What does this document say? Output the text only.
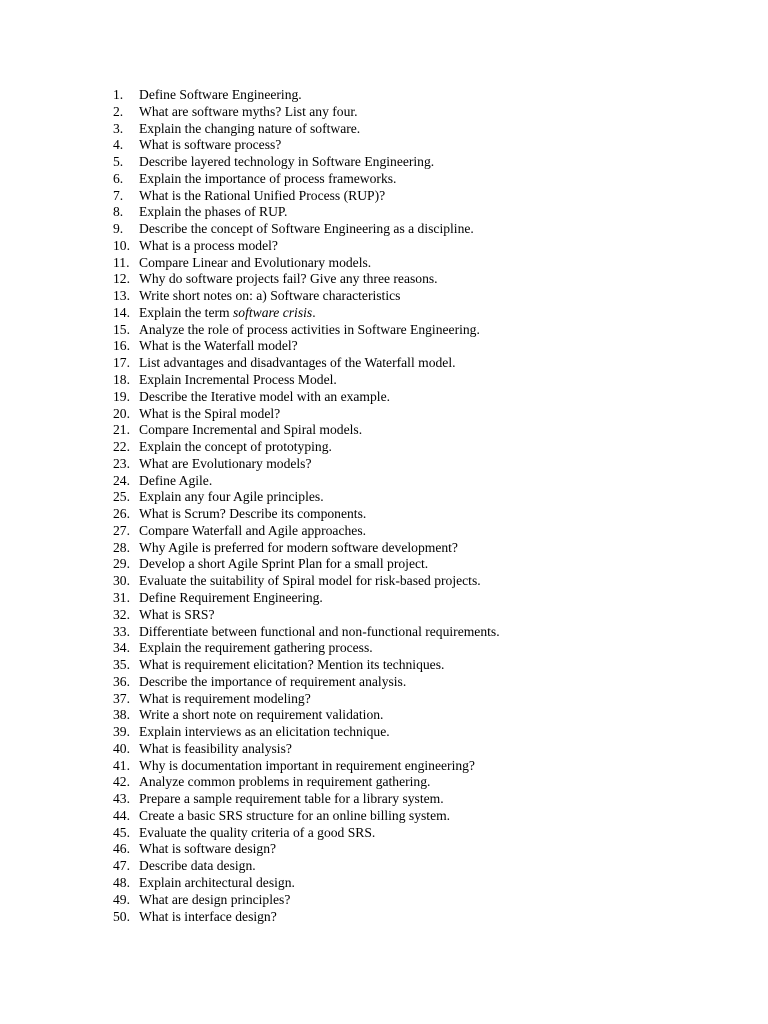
1.	Define Software Engineering.
2.	What are software myths? List any four.
3.	Explain the changing nature of software.
4.	What is software process?
5.	Describe layered technology in Software Engineering.
6.	Explain the importance of process frameworks.
7.	What is the Rational Unified Process (RUP)?
8.	Explain the phases of RUP.
9.	Describe the concept of Software Engineering as a discipline.
10. What is a process model?
11. Compare Linear and Evolutionary models.
12. Why do software projects fail? Give any three reasons.
13. Write short notes on: a) Software characteristics
14. Explain the term software crisis.
15. Analyze the role of process activities in Software Engineering.
16. What is the Waterfall model?
17. List advantages and disadvantages of the Waterfall model.
18. Explain Incremental Process Model.
19. Describe the Iterative model with an example.
20. What is the Spiral model?
21. Compare Incremental and Spiral models.
22. Explain the concept of prototyping.
23. What are Evolutionary models?
24. Define Agile.
25. Explain any four Agile principles.
26. What is Scrum? Describe its components.
27. Compare Waterfall and Agile approaches.
28. Why Agile is preferred for modern software development?
29. Develop a short Agile Sprint Plan for a small project.
30. Evaluate the suitability of Spiral model for risk-based projects.
31. Define Requirement Engineering.
32. What is SRS?
33. Differentiate between functional and non-functional requirements.
34. Explain the requirement gathering process.
35. What is requirement elicitation? Mention its techniques.
36. Describe the importance of requirement analysis.
37. What is requirement modeling?
38. Write a short note on requirement validation.
39. Explain interviews as an elicitation technique.
40. What is feasibility analysis?
41. Why is documentation important in requirement engineering?
42. Analyze common problems in requirement gathering.
43. Prepare a sample requirement table for a library system.
44. Create a basic SRS structure for an online billing system.
45. Evaluate the quality criteria of a good SRS.
46. What is software design?
47. Describe data design.
48. Explain architectural design.
49. What are design principles?
50. What is interface design?
